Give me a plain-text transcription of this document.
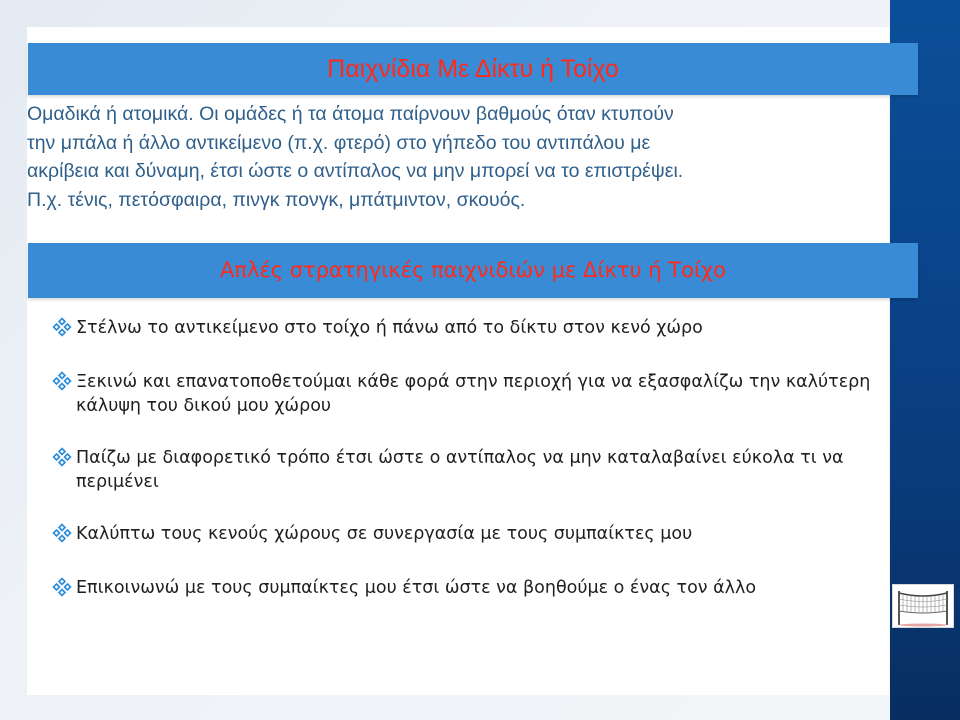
Παιχνίδια Με Δίκτυ ή Τοίχο

Ομαδικά ή ατομικά. Οι ομάδες ή τα άτομα παίρνουν βαθμούς όταν κτυπούν

την μπάλα ή άλλο αντικείμενο (π.χ. φτερό) στο γήπεδο του αντιπάλου με

ακρίβεια και δύναμη, έτσι ώστε ο αντίπαλος να μην μπορεί να το επιστρέψει.

Π.χ. τένις, πετόσφαιρα, πινγκ πονγκ, μπάτμιντον, σκουός.

Απλές στρατηγικές παιχνιδιών με Δίκτυ ή Τοίχο
Στέλνω το αντικείμενο στο τοίχο ή πάνω από το δίκτυ στον κενό χώρο
Ξεκινώ και επανατοποθετούμαι κάθε φορά στην περιοχή για να εξασφαλίζω την καλύτερη κάλυψη του δικού μου χώρου
Παίζω με διαφορετικό τρόπο έτσι ώστε ο αντίπαλος να μην καταλαβαίνει εύκολα τι να περιμένει
Καλύπτω τους κενούς χώρους σε συνεργασία με τους συμπαίκτες μου
Επικοινωνώ με τους συμπαίκτες μου έτσι ώστε να βοηθούμε ο ένας τον άλλο
